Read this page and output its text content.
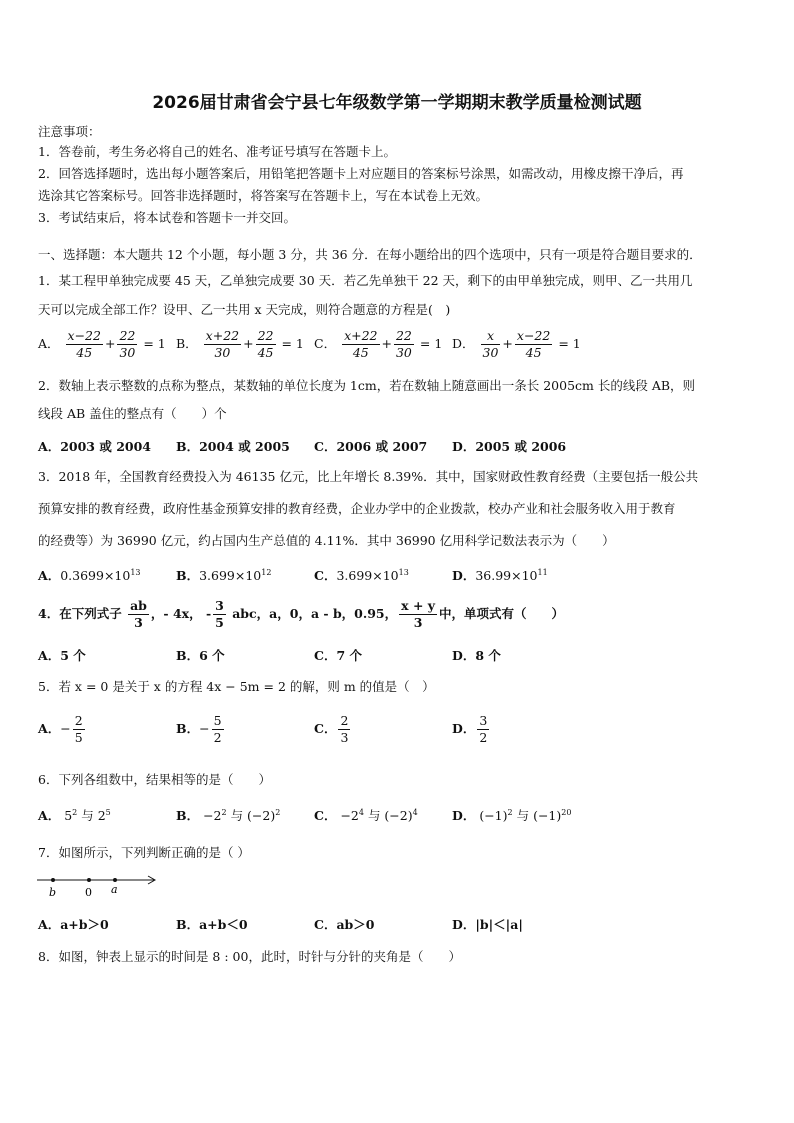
2026届甘肃省会宁县七年级数学第一学期期末教学质量检测试题
注意事项：
1．答卷前，考生务必将自己的姓名、准考证号填写在答题卡上。
2．回答选择题时，选出每小题答案后，用铅笔把答题卡上对应题目的答案标号涂黑，如需改动，用橡皮擦干净后，再
选涂其它答案标号。回答非选择题时，将答案写在答题卡上，写在本试卷上无效。
3．考试结束后，将本试卷和答题卡一并交回。
一、选择题：本大题共 12 个小题，每小题 3 分，共 36 分．在每小题给出的四个选项中，只有一项是符合题目要求的．
1．某工程甲单独完成要 45 天，乙单独完成要 30 天．若乙先单独干 22 天，剩下的由甲单独完成，则甲、乙一共用几
天可以完成全部工作？设甲、乙一共用 x 天完成，则符合题意的方程是(　)
A． $\frac{x-22}{45} + \frac{22}{30} = 1$ B． $\frac{x+22}{30} + \frac{22}{45} = 1$ C． $\frac{x+22}{45} + \frac{22}{30} = 1$ D． $\frac{x}{30} + \frac{x-22}{45} = 1$
2．数轴上表示整数的点称为整点，某数轴的单位长度为 1cm，若在数轴上随意画出一条长 2005cm 长的线段 AB，则
线段 AB 盖住的整点有（　　）个
A．2003 或 2004 B．2004 或 2005 C．2006 或 2007 D．2005 或 2006
3．2018 年，全国教育经费投入为 46135 亿元，比上年增长 8.39%．其中，国家财政性教育经费（主要包括一般公共
预算安排的教育经费，政府性基金预算安排的教育经费，企业办学中的企业拨款，校办产业和社会服务收入用于教育
的经费等）为 36990 亿元，约占国内生产总值的 4.11%．其中 36990 亿用科学记数法表示为（　　）
A．$0.3699\times 10^{13}$	B．$3.699\times 10^{12}$	C．$3.699\times 10^{13}$	D．$36.99\times 10^{11}$
4．在下列式子 $\frac{ab}{3}$ ，- 4x， - $\frac{3}{5}$ abc，a，0，a - b，0.95， $\frac{x + y}{3}$ 中，单项式有（　　）
A．5 个	B．6 个	C．7 个	D．8 个
5．若 x = 0 是关于 x 的方程 4x − 5m = 2 的解，则 m 的值是（　）
A．− $\frac{2}{5}$	B．− $\frac{5}{2}$	C． $\frac{2}{3}$	D． $\frac{3}{2}$
6．下列各组数中，结果相等的是（　　）
A． $5^2$ 与 $2^5$	B． $-2^2$ 与 $(-2)^2$	C． $-2^4$ 与 $(-2)^4$	D． $(-1)^2$ 与 $(-1)^{20}$
7．如图所示，下列判断正确的是（ ）
b	0 a
A．a+b＞0	B．a+b＜0	C．ab＞0	D．|b|＜|a|
8．如图，钟表上显示的时间是 8 : 00，此时，时针与分针的夹角是（　　）
